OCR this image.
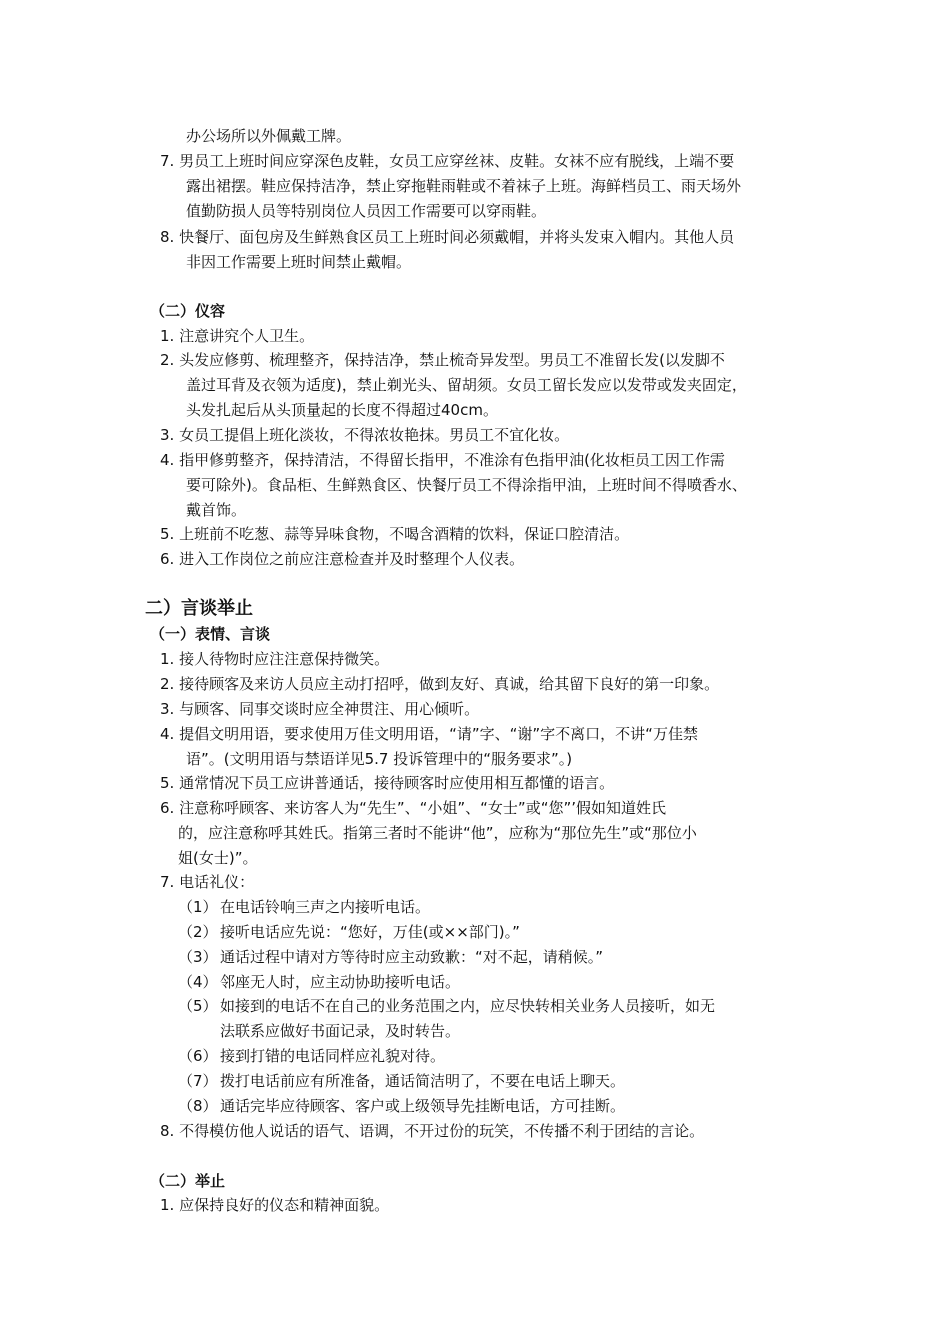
办公场所以外佩戴工牌。
7. 男员工上班时间应穿深色皮鞋，女员工应穿丝袜、皮鞋。女袜不应有脱线，上端不要
露出裙摆。鞋应保持洁净，禁止穿拖鞋雨鞋或不着袜子上班。海鲜档员工、雨天场外
值勤防损人员等特别岗位人员因工作需要可以穿雨鞋。
8. 快餐厅、面包房及生鲜熟食区员工上班时间必须戴帽，并将头发束入帽内。其他人员
非因工作需要上班时间禁止戴帽。
（二）仪容
1. 注意讲究个人卫生。
2. 头发应修剪、梳理整齐，保持洁净，禁止梳奇异发型。男员工不准留长发(以发脚不
盖过耳背及衣领为适度)，禁止剃光头、留胡须。女员工留长发应以发带或发夹固定，
头发扎起后从头顶量起的长度不得超过40cm。
3. 女员工提倡上班化淡妆，不得浓妆艳抹。男员工不宜化妆。
4. 指甲修剪整齐，保持清洁，不得留长指甲，不准涂有色指甲油(化妆柜员工因工作需
要可除外)。食品柜、生鲜熟食区、快餐厅员工不得涂指甲油，上班时间不得喷香水、
戴首饰。
5. 上班前不吃葱、蒜等异味食物，不喝含酒精的饮料，保证口腔清洁。
6. 进入工作岗位之前应注意检查并及时整理个人仪表。
二）言谈举止
（一）表情、言谈
1. 接人待物时应注注意保持微笑。
2. 接待顾客及来访人员应主动打招呼，做到友好、真诚，给其留下良好的第一印象。
3. 与顾客、同事交谈时应全神贯注、用心倾听。
4. 提倡文明用语，要求使用万佳文明用语，“请”字、“谢”字不离口，不讲“万佳禁
语”。(文明用语与禁语详见5.7 投诉管理中的“服务要求”。)
5. 通常情况下员工应讲普通话，接待顾客时应使用相互都懂的语言。
6. 注意称呼顾客、来访客人为“先生”、“小姐”、“女士”或“您”’假如知道姓氏
的，应注意称呼其姓氏。指第三者时不能讲“他”，应称为“那位先生”或“那位小
姐(女士)”。
7. 电话礼仪：
（1） 在电话铃响三声之内接听电话。
（2） 接听电话应先说：“您好，万佳(或××部门)。”
（3） 通话过程中请对方等待时应主动致歉：“对不起，请稍候。”
（4） 邻座无人时，应主动协助接听电话。
（5） 如接到的电话不在自己的业务范围之内，应尽快转相关业务人员接听，如无
法联系应做好书面记录，及时转告。
（6） 接到打错的电话同样应礼貌对待。
（7） 拨打电话前应有所准备，通话简洁明了，不要在电话上聊天。
（8） 通话完毕应待顾客、客户或上级领导先挂断电话，方可挂断。
8. 不得模仿他人说话的语气、语调，不开过份的玩笑，不传播不利于团结的言论。
（二）举止
1. 应保持良好的仪态和精神面貌。
